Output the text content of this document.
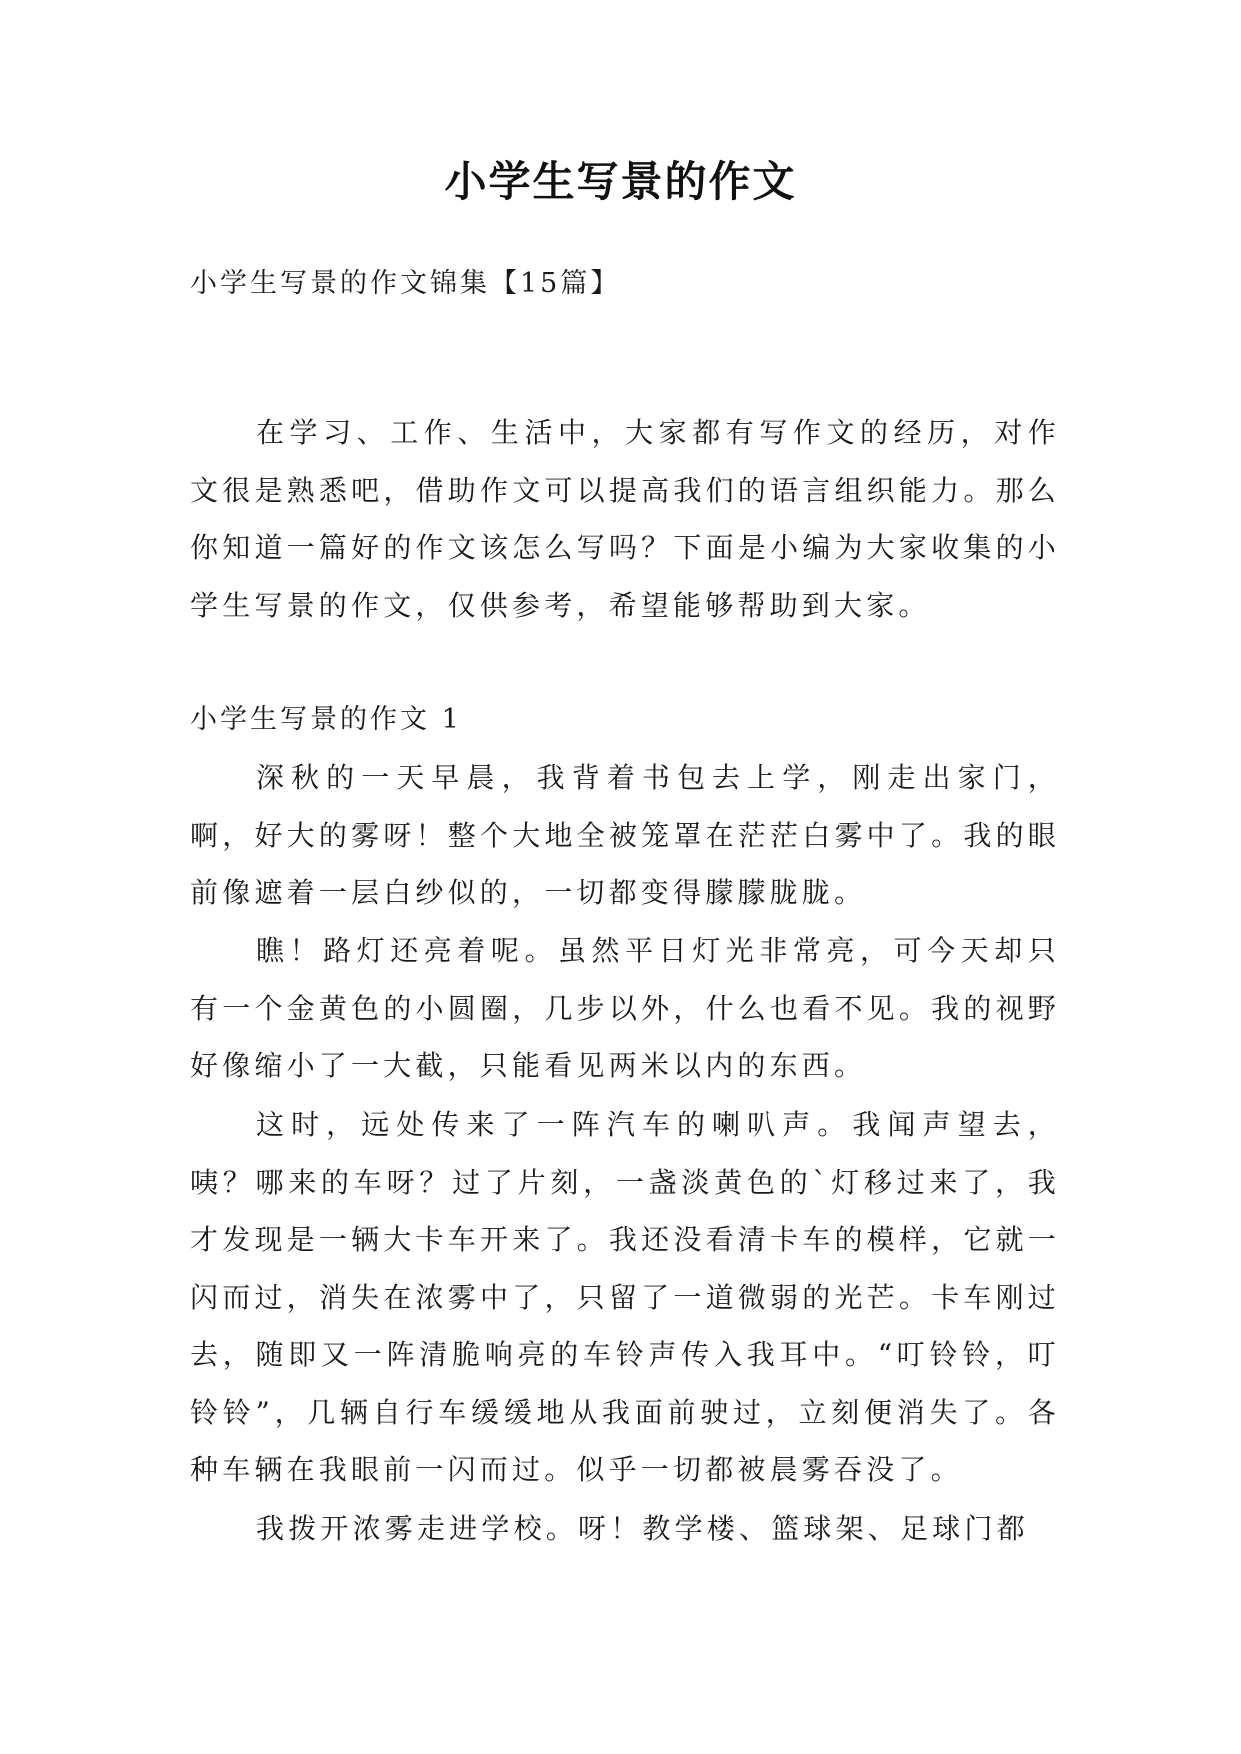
小学生写景的作文
小学生写景的作文锦集【15篇】

在学习、工作、生活中，大家都有写作文的经历，对作文很是熟悉吧，借助作文可以提高我们的语言组织能力。那么你知道一篇好的作文该怎么写吗？下面是小编为大家收集的小学生写景的作文，仅供参考，希望能够帮助到大家。

小学生写景的作文 1

深秋的一天早晨，我背着书包去上学，刚走出家门，啊，好大的雾呀！整个大地全被笼罩在茫茫白雾中了。我的眼前像遮着一层白纱似的，一切都变得朦朦胧胧。

瞧！路灯还亮着呢。虽然平日灯光非常亮，可今天却只有一个金黄色的小圆圈，几步以外，什么也看不见。我的视野好像缩小了一大截，只能看见两米以内的东西。

这时，远处传来了一阵汽车的喇叭声。我闻声望去，咦？哪来的车呀？过了片刻，一盏淡黄色的`灯移过来了，我才发现是一辆大卡车开来了。我还没看清卡车的模样，它就一闪而过，消失在浓雾中了，只留了一道微弱的光芒。卡车刚过去，随即又一阵清脆响亮的车铃声传入我耳中。“叮铃铃，叮铃铃”，几辆自行车缓缓地从我面前驶过，立刻便消失了。各种车辆在我眼前一闪而过。似乎一切都被晨雾吞没了。

我拨开浓雾走进学校。呀！教学楼、篮球架、足球门都
